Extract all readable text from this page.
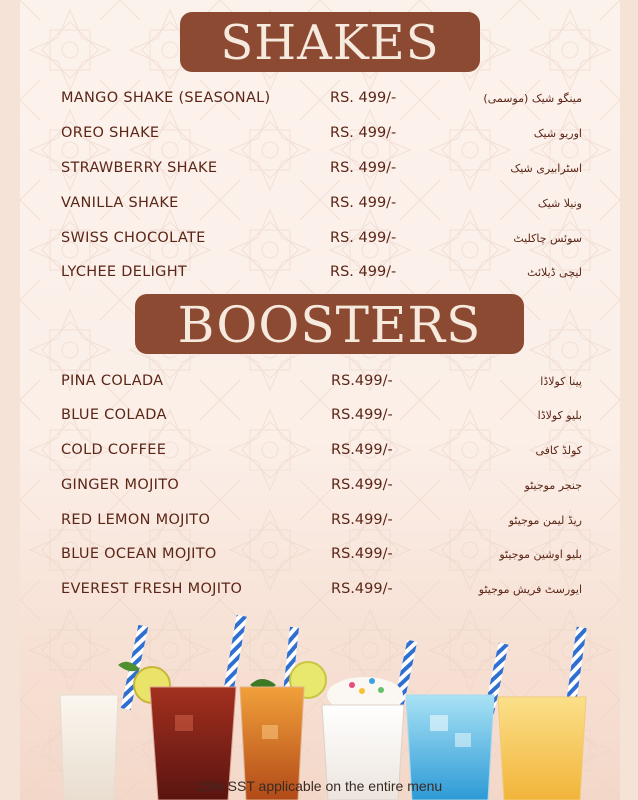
SHAKES
MANGO SHAKE (SEASONAL)	RS. 499/-	مینگو شیک (موسمی)
OREO SHAKE	RS. 499/-	اوریو شیک
STRAWBERRY SHAKE	RS. 499/-	اسٹرابیری شیک
VANILLA SHAKE	RS. 499/-	ونیلا شیک
SWISS CHOCOLATE	RS. 499/-	سوئس چاکلیٹ
LYCHEE DELIGHT	RS. 499/-	لیچی ڈیلائٹ
BOOSTERS
PINA COLADA	RS.499/-	پینا کولاڈا
BLUE COLADA	RS.499/-	بلیو کولاڈا
COLD COFFEE	RS.499/-	کولڈ کافی
GINGER MOJITO	RS.499/-	جنجر موجیٹو
RED LEMON MOJITO	RS.499/-	ریڈ لیمن موجیٹو
BLUE OCEAN MOJITO	RS.499/-	بلیو اوشین موجیٹو
EVEREST FRESH MOJITO	RS.499/-	ایورسٹ فریش موجیٹو
15% SST applicable on the entire menu
